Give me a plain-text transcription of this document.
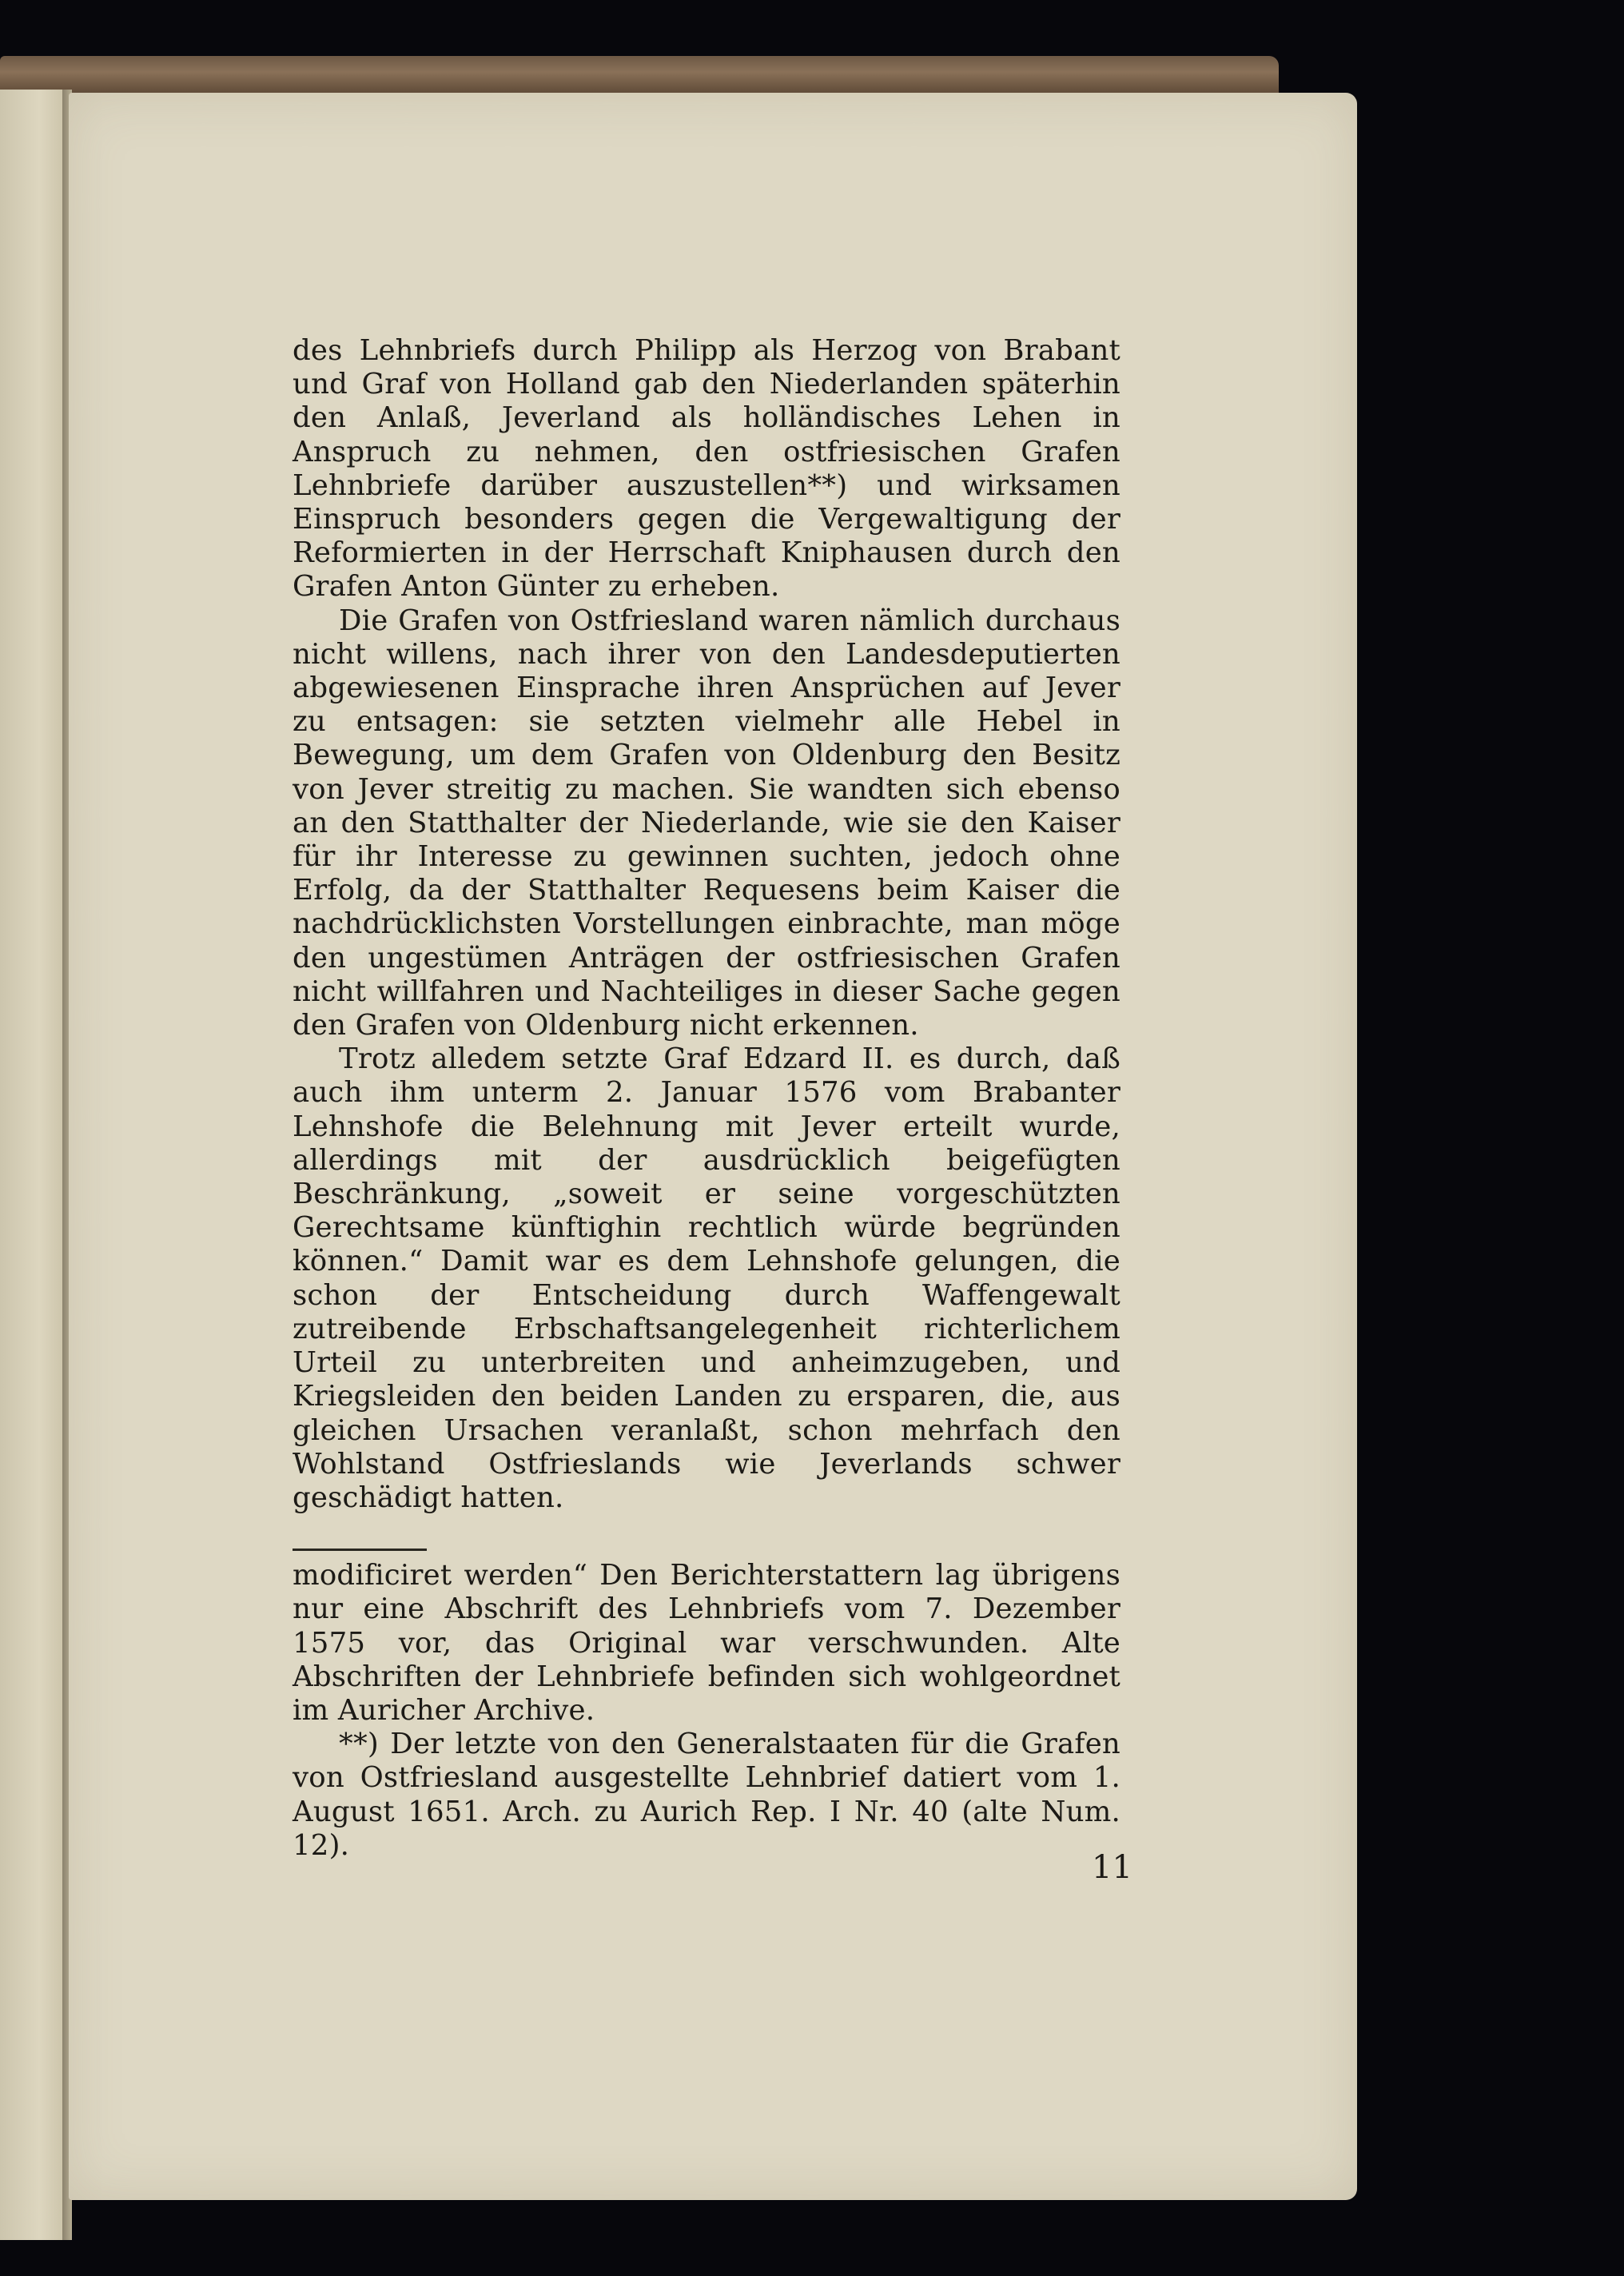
des Lehnbriefs durch Philipp als Herzog von Brabant und Graf von Holland gab den Niederlanden späterhin den Anlaß, Jeverland als holländisches Lehen in Anspruch zu nehmen, den ostfriesischen Grafen Lehnbriefe darüber auszustellen**) und wirksamen Einspruch besonders gegen die Vergewaltigung der Reformierten in der Herrschaft Kniphausen durch den Grafen Anton Günter zu erheben.

Die Grafen von Ostfriesland waren nämlich durchaus nicht willens, nach ihrer von den Landesdeputierten abgewiesenen Einsprache ihren Ansprüchen auf Jever zu entsagen: sie setzten vielmehr alle Hebel in Bewegung, um dem Grafen von Oldenburg den Besitz von Jever streitig zu machen. Sie wandten sich ebenso an den Statthalter der Niederlande, wie sie den Kaiser für ihr Interesse zu gewinnen suchten, jedoch ohne Erfolg, da der Statthalter Requesens beim Kaiser die nachdrücklichsten Vorstellungen einbrachte, man möge den ungestümen Anträgen der ostfriesischen Grafen nicht willfahren und Nachteiliges in dieser Sache gegen den Grafen von Oldenburg nicht erkennen.

Trotz alledem setzte Graf Edzard II. es durch, daß auch ihm unterm 2. Januar 1576 vom Brabanter Lehnshofe die Belehnung mit Jever erteilt wurde, allerdings mit der ausdrücklich beigefügten Beschränkung, „soweit er seine vorgeschützten Gerechtsame künftighin rechtlich würde begründen können.“ Damit war es dem Lehnshofe gelungen, die schon der Entscheidung durch Waffengewalt zutreibende Erbschaftsangelegenheit richterlichem Urteil zu unterbreiten und anheimzugeben, und Kriegsleiden den beiden Landen zu ersparen, die, aus gleichen Ursachen veranlaßt, schon mehrfach den Wohlstand Ostfrieslands wie Jeverlands schwer geschädigt hatten.

modificiret werden“ Den Berichterstattern lag übrigens nur eine Abschrift des Lehnbriefs vom 7. Dezember 1575 vor, das Original war verschwunden. Alte Abschriften der Lehnbriefe befinden sich wohlgeordnet im Auricher Archive.

**) Der letzte von den Generalstaaten für die Grafen von Ostfriesland ausgestellte Lehnbrief datiert vom 1. August 1651. Arch. zu Aurich Rep. I Nr. 40 (alte Num. 12).

11
